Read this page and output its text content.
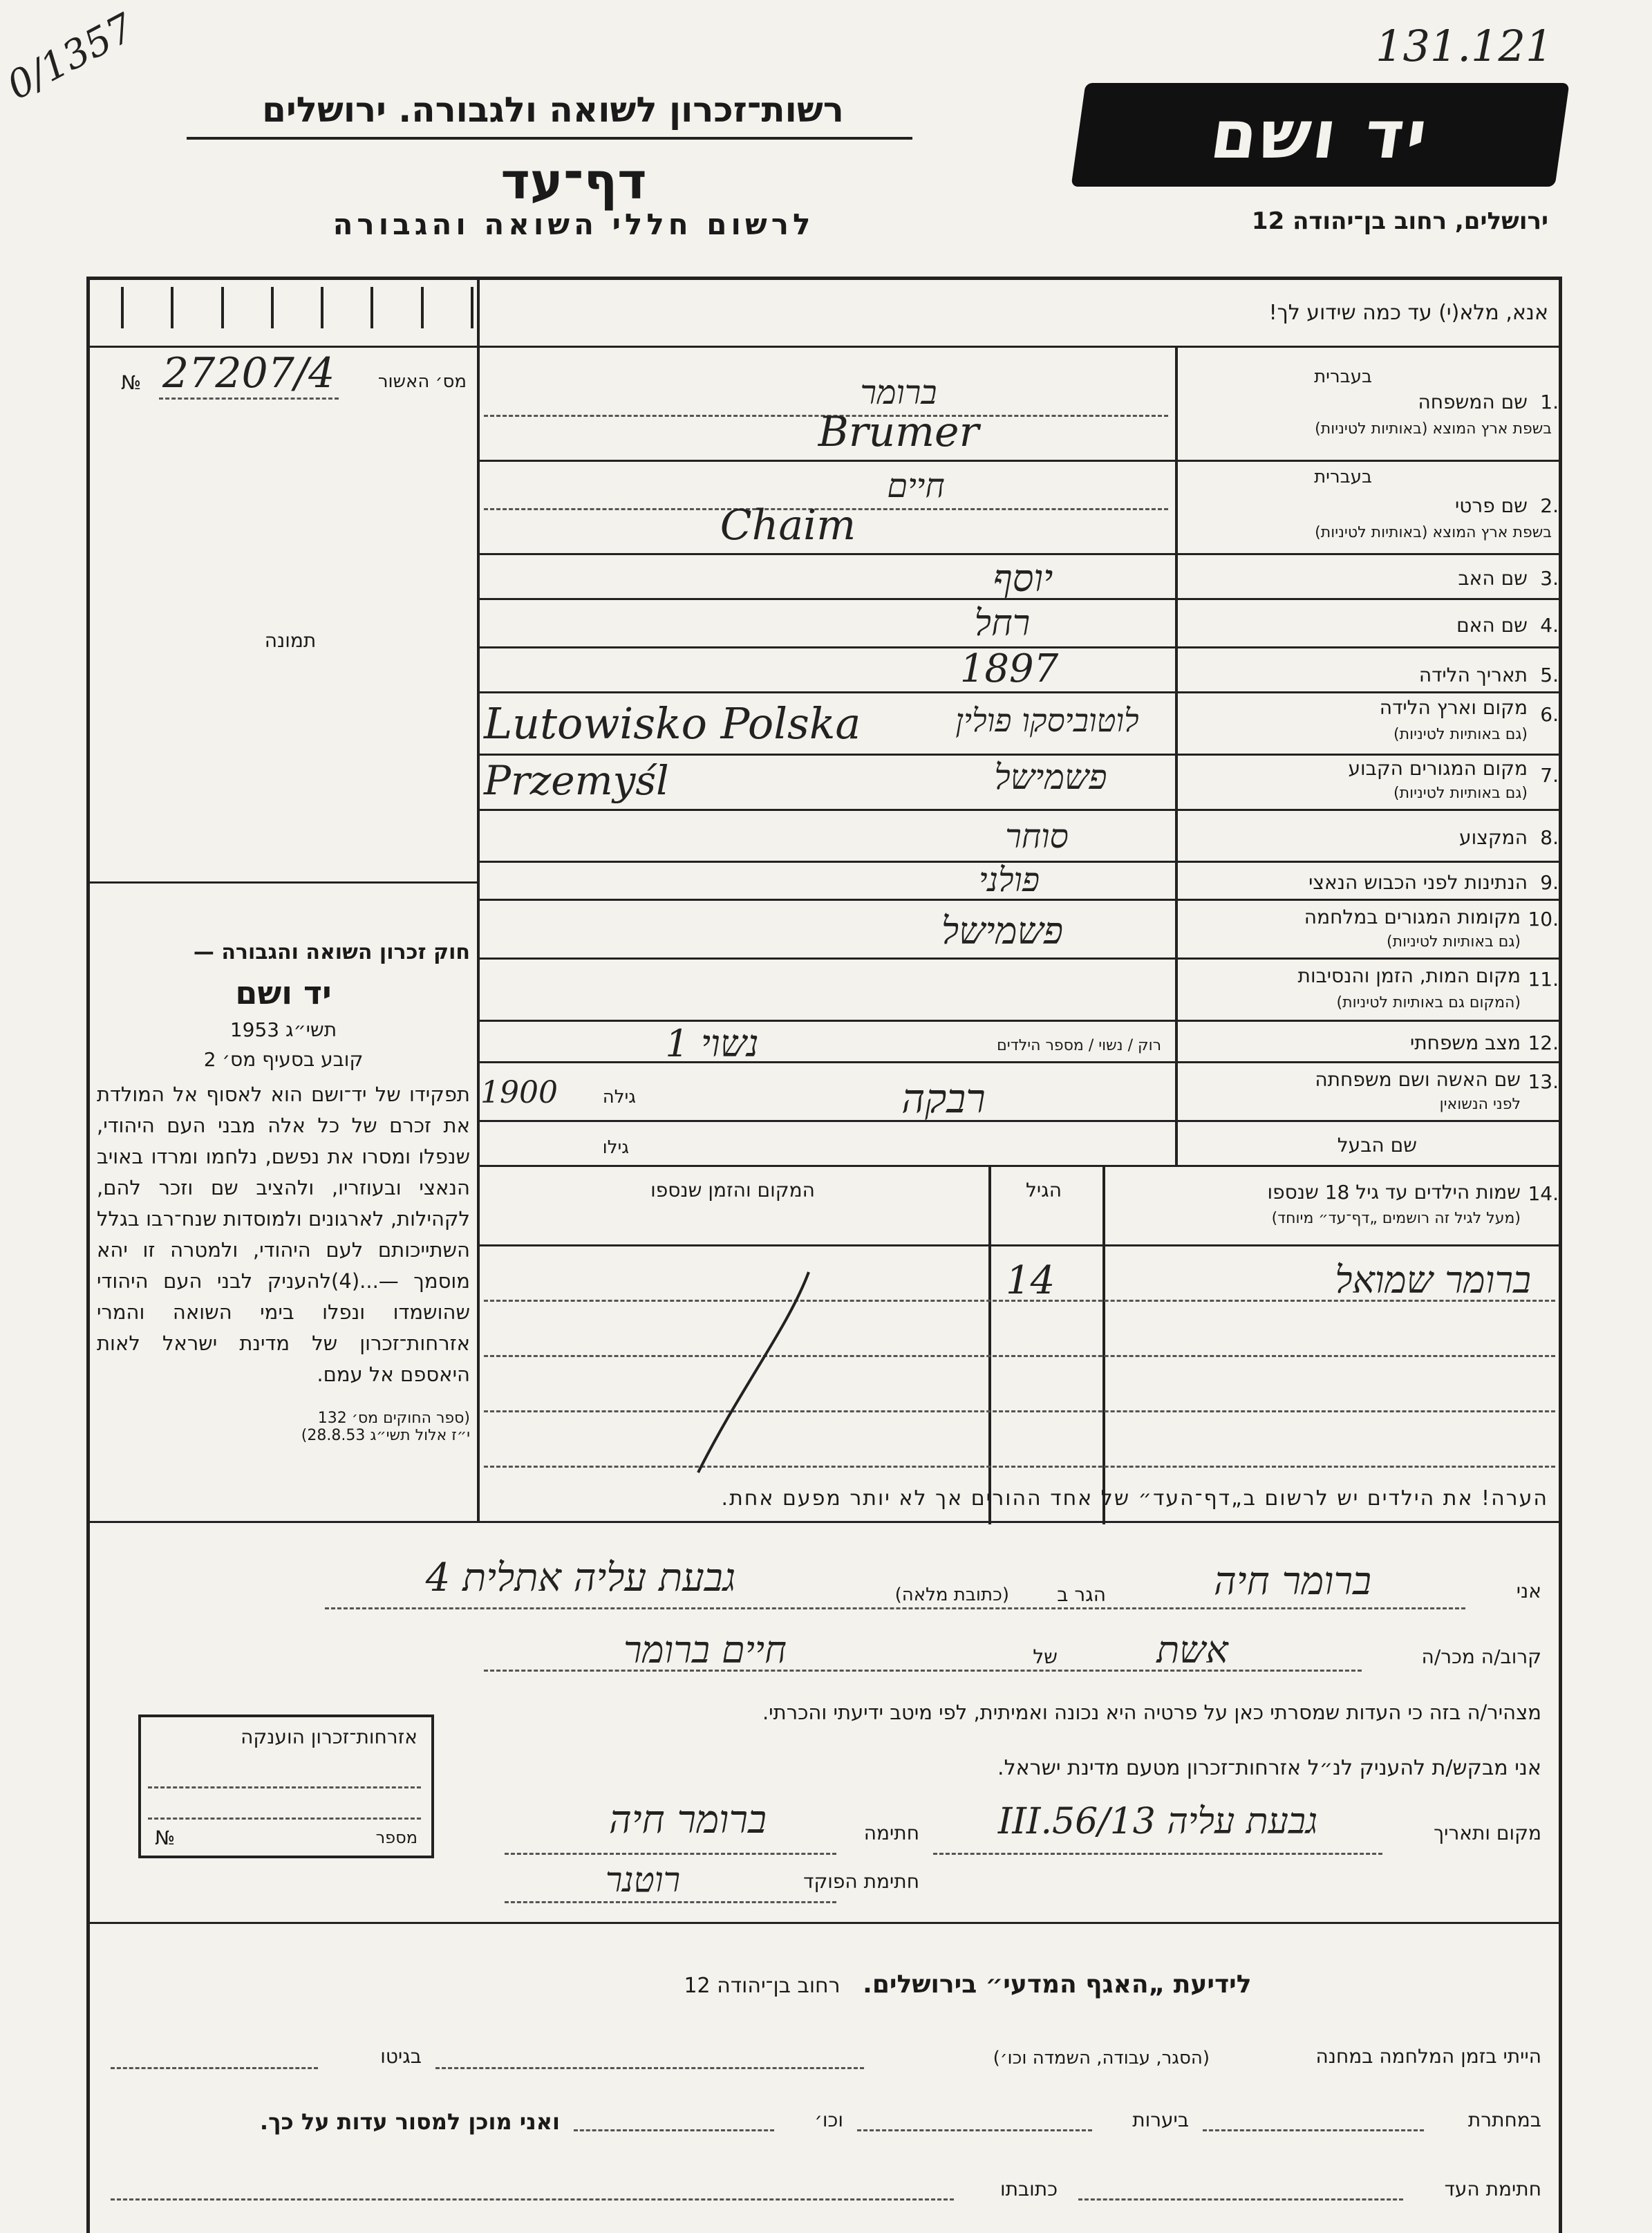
131.121
0/1357
רשות־זכרון לשואה ולגבורה. ירושלים	יד ושם
דף־עד
לרשום חללי השואה והגבורה	ירושלים, רחוב בן־יהודה 12
אנא, מלא(י) עד כמה שידוע לך!
מס׳ האשור
27207/4
№
תמונה
חוק זכרון השואה והגבורה —
יד ושם
תשי״ג 1953
קובע בסעיף מס׳ 2
תפקידו של יד־ושם הוא לאסוף אל המולדת את זכרם של כל אלה מבני העם היהודי, שנפלו ומסרו את נפשם, נלחמו ומרדו באויב הנאצי ובעוזריו, ולהציב שם וזכר להם, לקהילות, לארגונים ולמוסדות שנח־רבו בגלל השתייכותם לעם היהודי, ולמטרה זו יהא מוסמך —...(4)להעניק לבני העם היהודי שהושמדו ונפלו בימי השואה והמרי אזרחות־זכרון של מדינת ישראל לאות היאספם אל עמם.
(ספר החוקים מס׳ 132
י״ז אלול תשי״ג 28.8.53)
1.
בעברית
שם המשפחה
בשפת ארץ המוצא (באותיות לטיניות)
ברומר
Brumer
2.
בעברית
שם פרטי
בשפת ארץ המוצא (באותיות לטיניות)
חיים
Chaim
3.
שם האב
יוסף
4.
שם האם
רחל
5.
תאריך הלידה
1897
6.
מקום וארץ הלידה
(גם באותיות לטיניות)
לוטוביסקו פולין
Lutowisko Polska
7.
מקום המגורים הקבוע
(גם באותיות לטיניות)
פשמישל
Przemyśl
8.
המקצוע
סוחר
9.
הנתינות לפני הכבוש הנאצי
פולני
10.
מקומות המגורים במלחמה
(גם באותיות לטיניות)
פשמישל
11.
מקום המות, הזמן והנסיבות
(המקום גם באותיות לטיניות)
12.
מצב משפחתי
רוק / נשוי / מספר הילדים
נשוי 1
13.
שם האשה ושם משפחתה
לפני הנשואין
רבקה
גילה
1900
שם הבעל
גילו
14.
שמות הילדים עד גיל 18 שנספו
(מעל לגיל זה רושמים „דף־עד״ מיוחד)
הגיל
המקום והזמן שנספו
ברומר שמואל
14
הערה! את הילדים יש לרשום ב„דף־העד״ של אחד ההורים אך לא יותר מפעם אחת.
אני
ברומר חיה
הגר ב
(כתובת מלאה)
גבעת עליה אתלית 4
קרוב/ה מכר/ה
אשת
של
חיים ברומר
מצהיר/ה בזה כי העדות שמסרתי כאן על פרטיה היא נכונה ואמיתית, לפי מיטב ידיעתי והכרתי.
אזרחות־זכרון הוענקה
מספר
№
אני מבקש/ת להעניק לנ״ל אזרחות־זכרון מטעם מדינת ישראל.
מקום ותאריך
גבעת עליה 13/III.56
חתימה
ברומר חיה
חתימת הפוקד
רוטנר
לידיעת „האגף המדעי״ בירושלים. רחוב בן־יהודה 12
הייתי בזמן המלחמה במחנה
(הסגר, עבודה, השמדה וכו׳)
בגיטו
במחתרת
ביערות
וכו׳
ואני מוכן למסור עדות על כך.
חתימת העד
כתובתו
